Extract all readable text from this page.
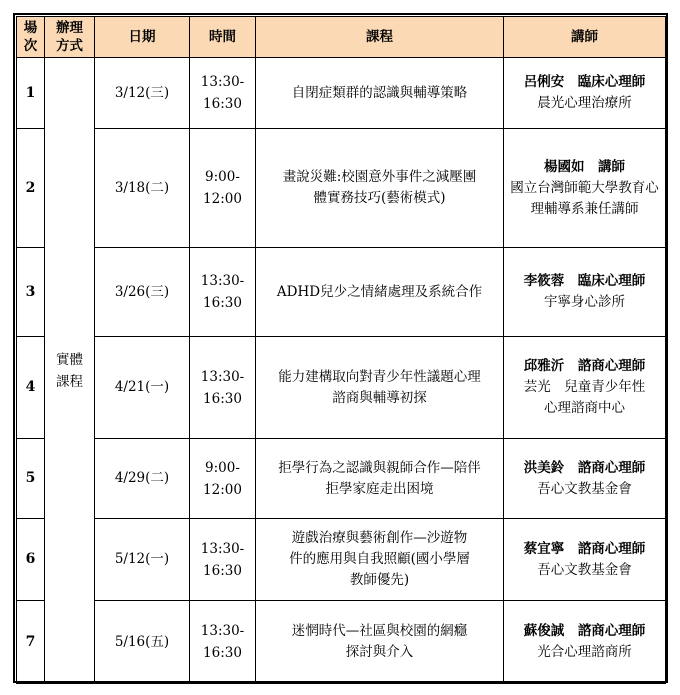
場次	辦理方式	日期	時間	課程	講師
1	實體課程	3/12(三)	13:30-16:30	自閉症類群的認識與輔導策略	呂俐安　臨床心理師
晨光心理治療所

2		3/18(二)	9:00-12:00	畫說災難:校園意外事件之減壓團體實務技巧(藝術模式)	楊國如　講師
國立台灣師範大學教育心理輔導系兼任講師

3		3/26(三)	13:30-16:30	ADHD兒少之情緒處理及系統合作	李筱蓉　臨床心理師
宇寧身心診所

4		4/21(一)	13:30-16:30	能力建構取向對青少年性議題心理諮商與輔導初探	邱雅沂　諮商心理師
芸光　兒童青少年性心理諮商中心

5		4/29(二)	9:00-12:00	拒學行為之認識與親師合作—陪伴拒學家庭走出困境	洪美鈴　諮商心理師
吾心文教基金會

6		5/12(一)	13:30-16:30	遊戲治療與藝術創作—沙遊物件的應用與自我照顧(國小學層教師優先)	蔡宜寧　諮商心理師
吾心文教基金會

7		5/16(五)	13:30-16:30	迷惘時代—社區與校園的網癮探討與介入	蘇俊誠　諮商心理師
光合心理諮商所
